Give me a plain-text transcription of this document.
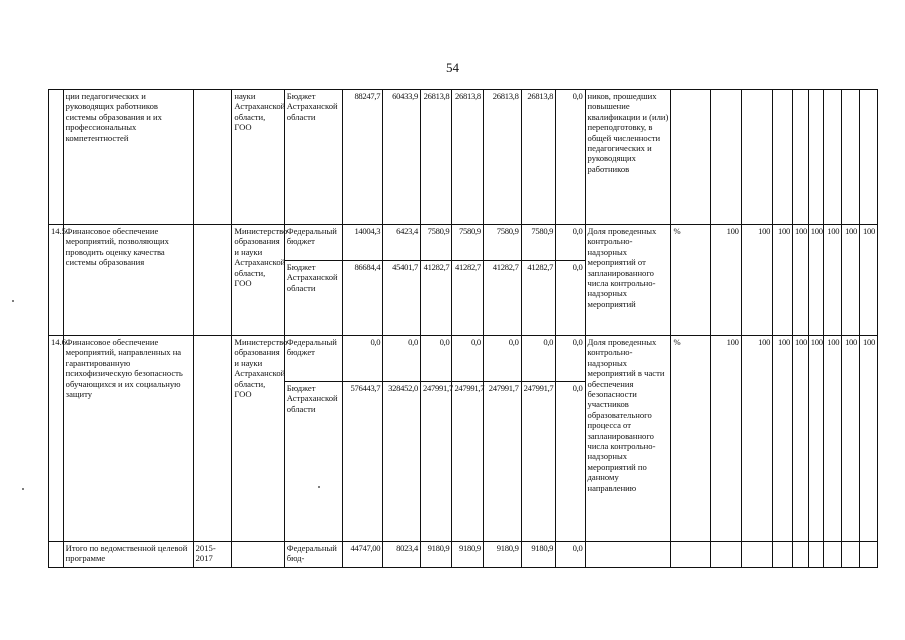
54
	ции педагогических и руководящих работников системы образования и их профессиональных компетентностей		науки Астраханской области, ГОО	Бюджет Астраханской области	88247,7	60433,9	26813,8	26813,8	26813,8	26813,8	0,0	ников, прошедших повышение квалификации и (или) переподготовку, в общей численности педагогических и руководящих работников									
14.5.	Финансовое обеспечение мероприятий, позволяющих проводить оценку качества системы образования		Министерство образования и науки Астраханской области, ГОО	Федеральный бюджет	14004,3	6423,4	7580,9	7580,9	7580,9	7580,9	0,0	Доля проведенных контрольно-надзорных мероприятий от запланированного числа контрольно-надзорных мероприятий	%	100	100	100	100	100	100	100	100
				Бюджет Астраханской области	86684,4	45401,7	41282,7	41282,7	41282,7	41282,7	0,0										
14.6.	Финансовое обеспечение мероприятий, направленных на гарантированную психофизическую безопасность обучающихся и их социальную защиту		Министерство образования и науки Астраханской области, ГОО	Федеральный бюджет	0,0	0,0	0,0	0,0	0,0	0,0	0,0	Доля проведенных контрольно-надзорных мероприятий в части обеспечения безопасности участников образовательного процесса от запланированного числа контрольно-надзорных мероприятий по данному направлению	%	100	100	100	100	100	100	100	100
				Бюджет Астраханской области	576443,7	328452,0	247991,7	247991,7	247991,7	247991,7	0,0										
	Итого по ведомственной целевой программе	2015-2017		Федеральный бюд-	44747,00	8023,4	9180,9	9180,9	9180,9	9180,9	0,0										
